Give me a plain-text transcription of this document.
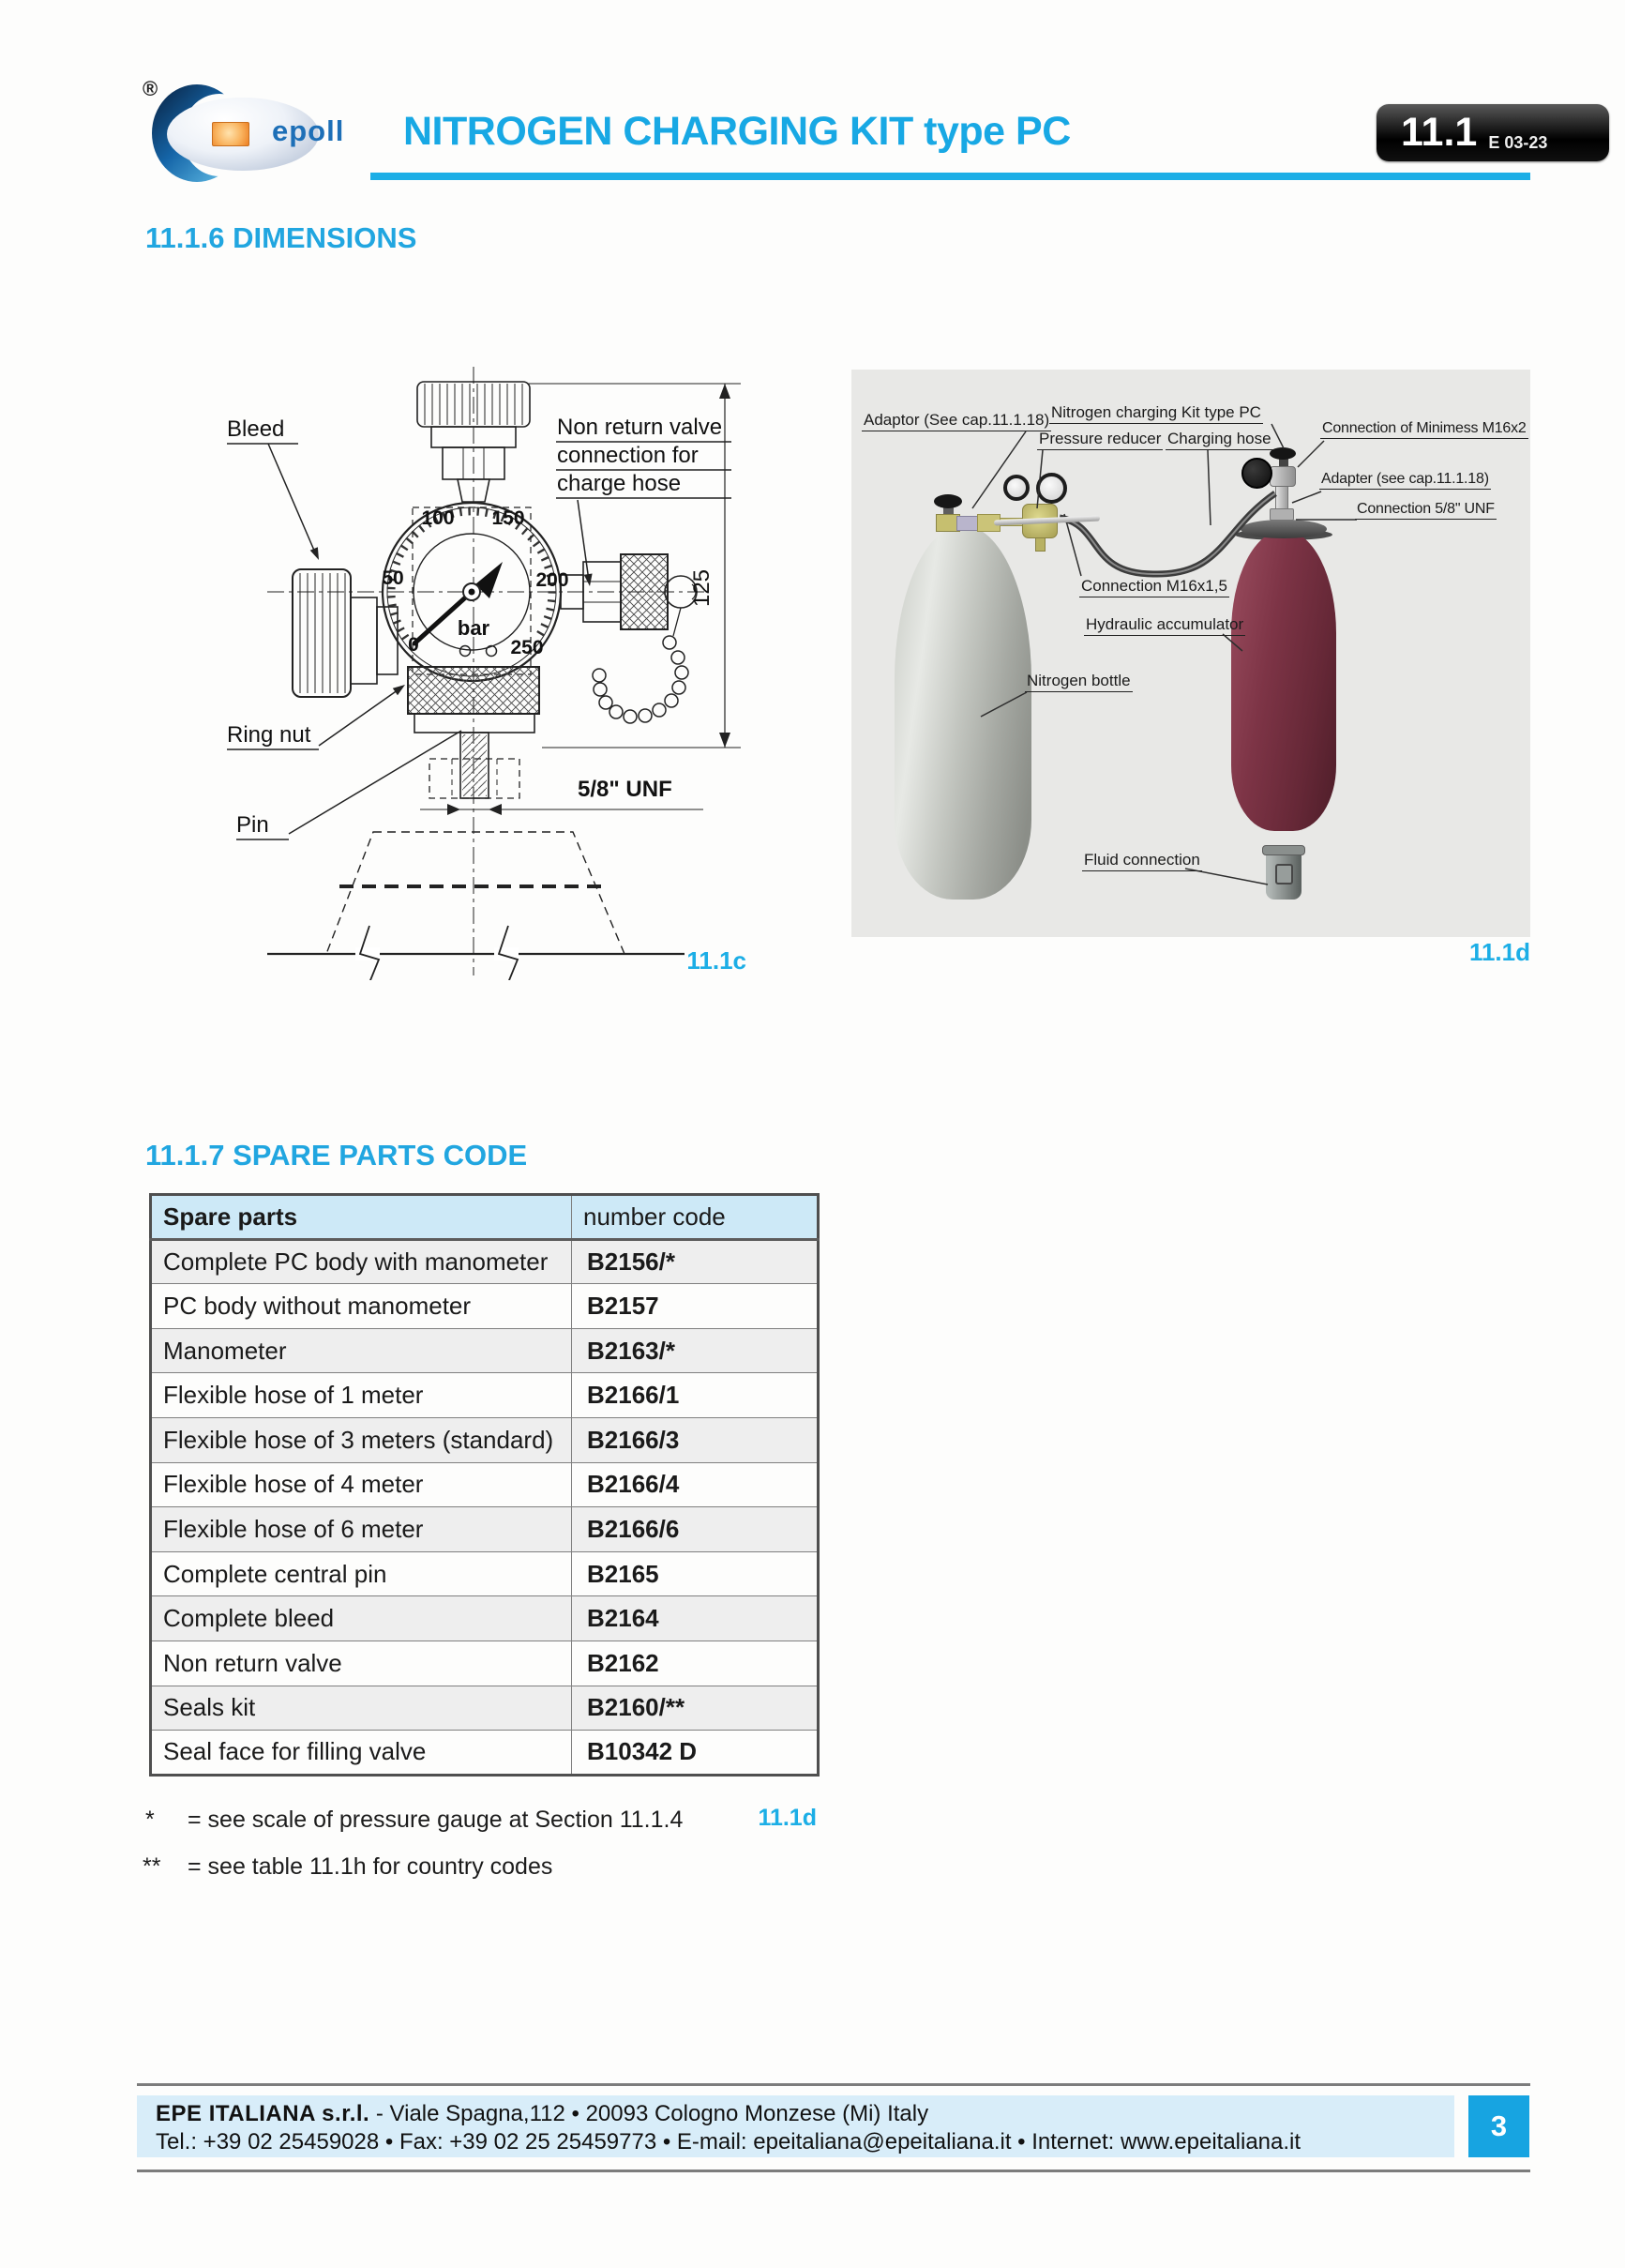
®
epoll NITROGEN CHARGING KIT type PC	11.1 E 03-23
11.1.6 DIMENSIONS
0
50
100 150
200
250
bar
Bleed	Non return valve
connection for
charge hose
Ring nut
Pin
5/8" UNF
125
11.1c
Adaptor (See cap.11.1.18) Nitrogen charging Kit type PC
Pressure reducer Charging hose
Connection of Minimess M16x2
Adapter (see cap.11.1.18)
Connection 5/8" UNF
Connection M16x1,5
Hydraulic accumulator
Nitrogen bottle
Fluid connection
11.1d
11.1.7 SPARE PARTS CODE
Spare parts	number code
Complete PC body with manometer	B2156/*
PC body without manometer	B2157
Manometer	B2163/*
Flexible hose of 1 meter	B2166/1
Flexible hose of 3 meters (standard)	B2166/3
Flexible hose of 4 meter	B2166/4
Flexible hose of 6 meter	B2166/6
Complete central pin	B2165
Complete bleed	B2164
Non return valve	B2162
Seals kit	B2160/**
Seal face for filling valve	B10342 D
* = see scale of pressure gauge at Section 11.1.4	11.1d
** = see table 11.1h for country codes
EPE ITALIANA s.r.l. - Viale Spagna,112 • 20093 Cologno Monzese (Mi) Italy
Tel.: +39 02 25459028 • Fax: +39 02 25 25459773 • E-mail: epeitaliana@epeitaliana.it • Internet: www.epeitaliana.it	3
